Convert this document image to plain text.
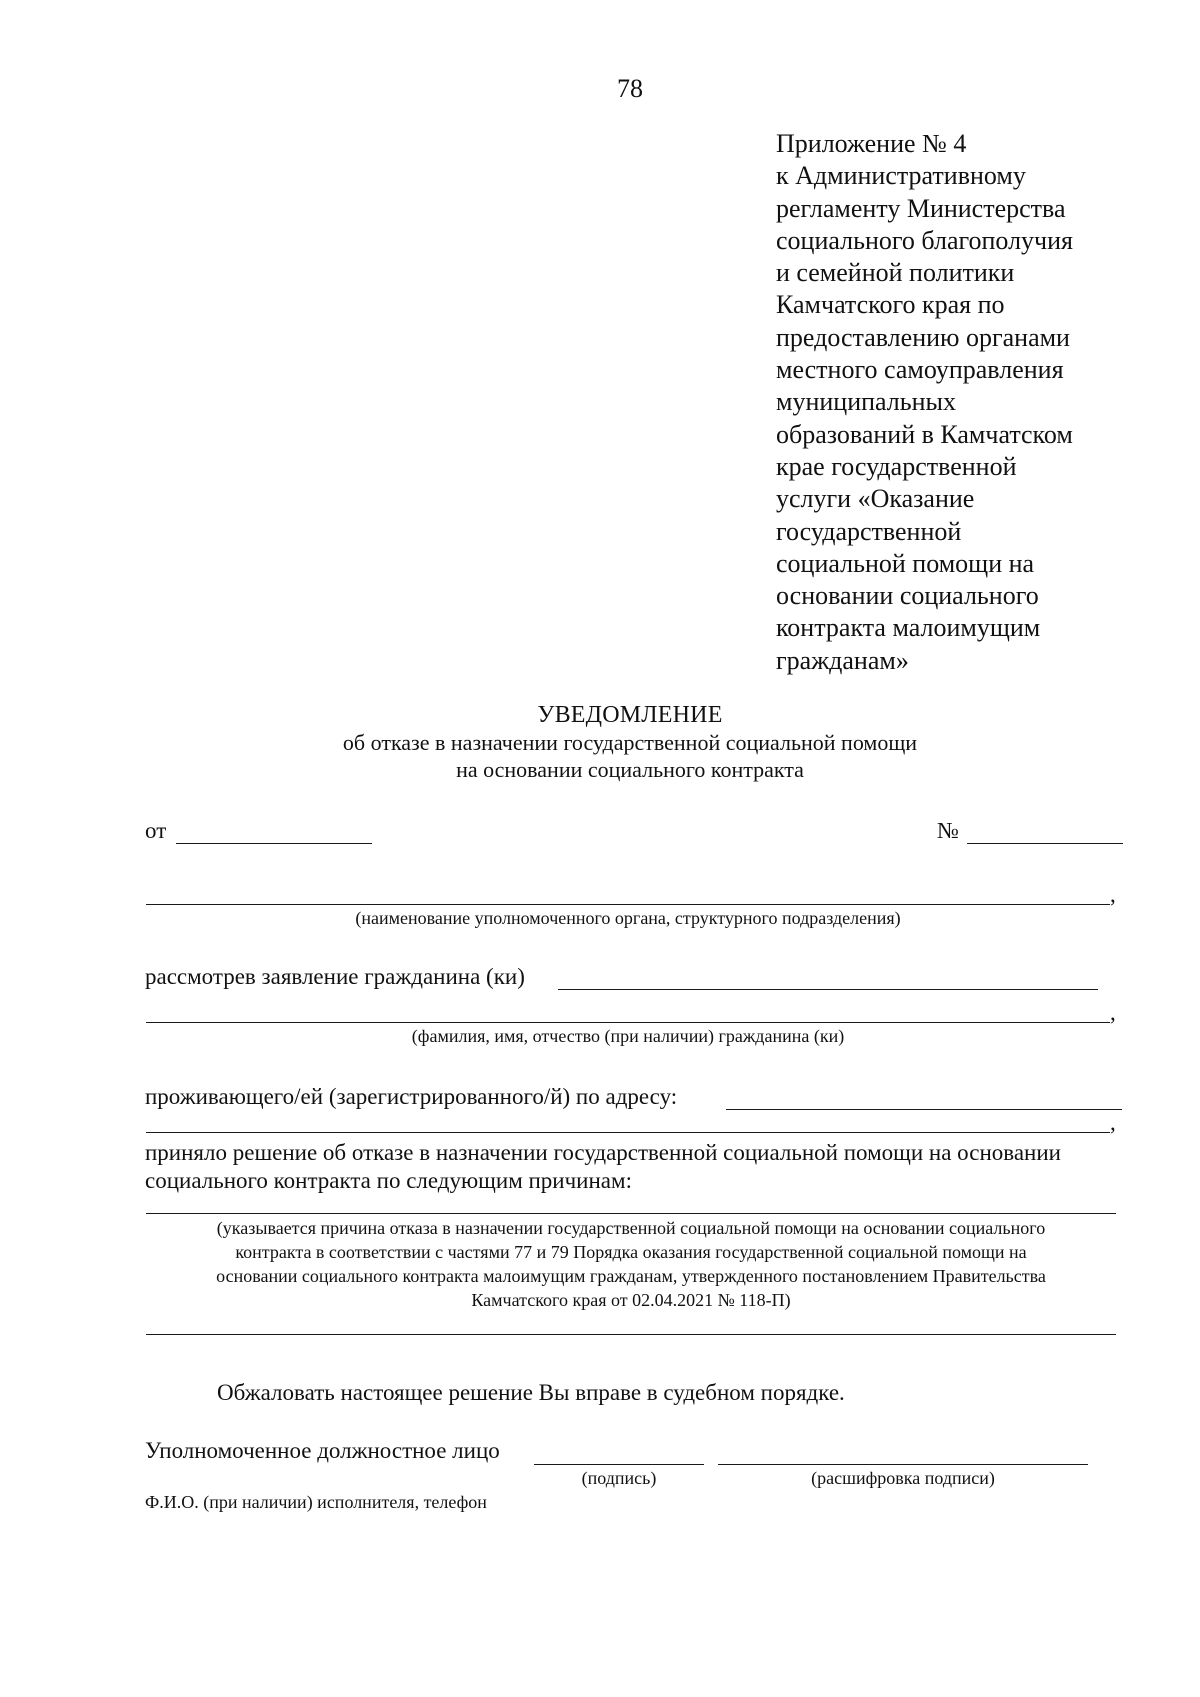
78
Приложение № 4
к Административному
регламенту Министерства
социального благополучия
и семейной политики
Камчатского края по
предоставлению органами
местного самоуправления
муниципальных
образований в Камчатском
крае государственной
услуги «Оказание
государственной
социальной помощи на
основании социального
контракта малоимущим
гражданам»
УВЕДОМЛЕНИЕ
об отказе в назначении государственной социальной помощи
на основании социального контракта
от	№
,
(наименование уполномоченного органа, структурного подразделения)
рассмотрев заявление гражданина (ки)
,
(фамилия, имя, отчество (при наличии) гражданина (ки)
проживающего/ей (зарегистрированного/й) по адресу:
,
приняло решение об отказе в назначении государственной социальной помощи на основании
социального контракта по следующим причинам:
(указывается причина отказа в назначении государственной социальной помощи на основании социального
контракта в соответствии с частями 77 и 79 Порядка оказания государственной социальной помощи на
основании социального контракта малоимущим гражданам, утвержденного постановлением Правительства
Камчатского края от 02.04.2021 № 118-П)
Обжаловать настоящее решение Вы вправе в судебном порядке.
Уполномоченное должностное лицо
(подпись)	(расшифровка подписи)
Ф.И.О. (при наличии) исполнителя, телефон
